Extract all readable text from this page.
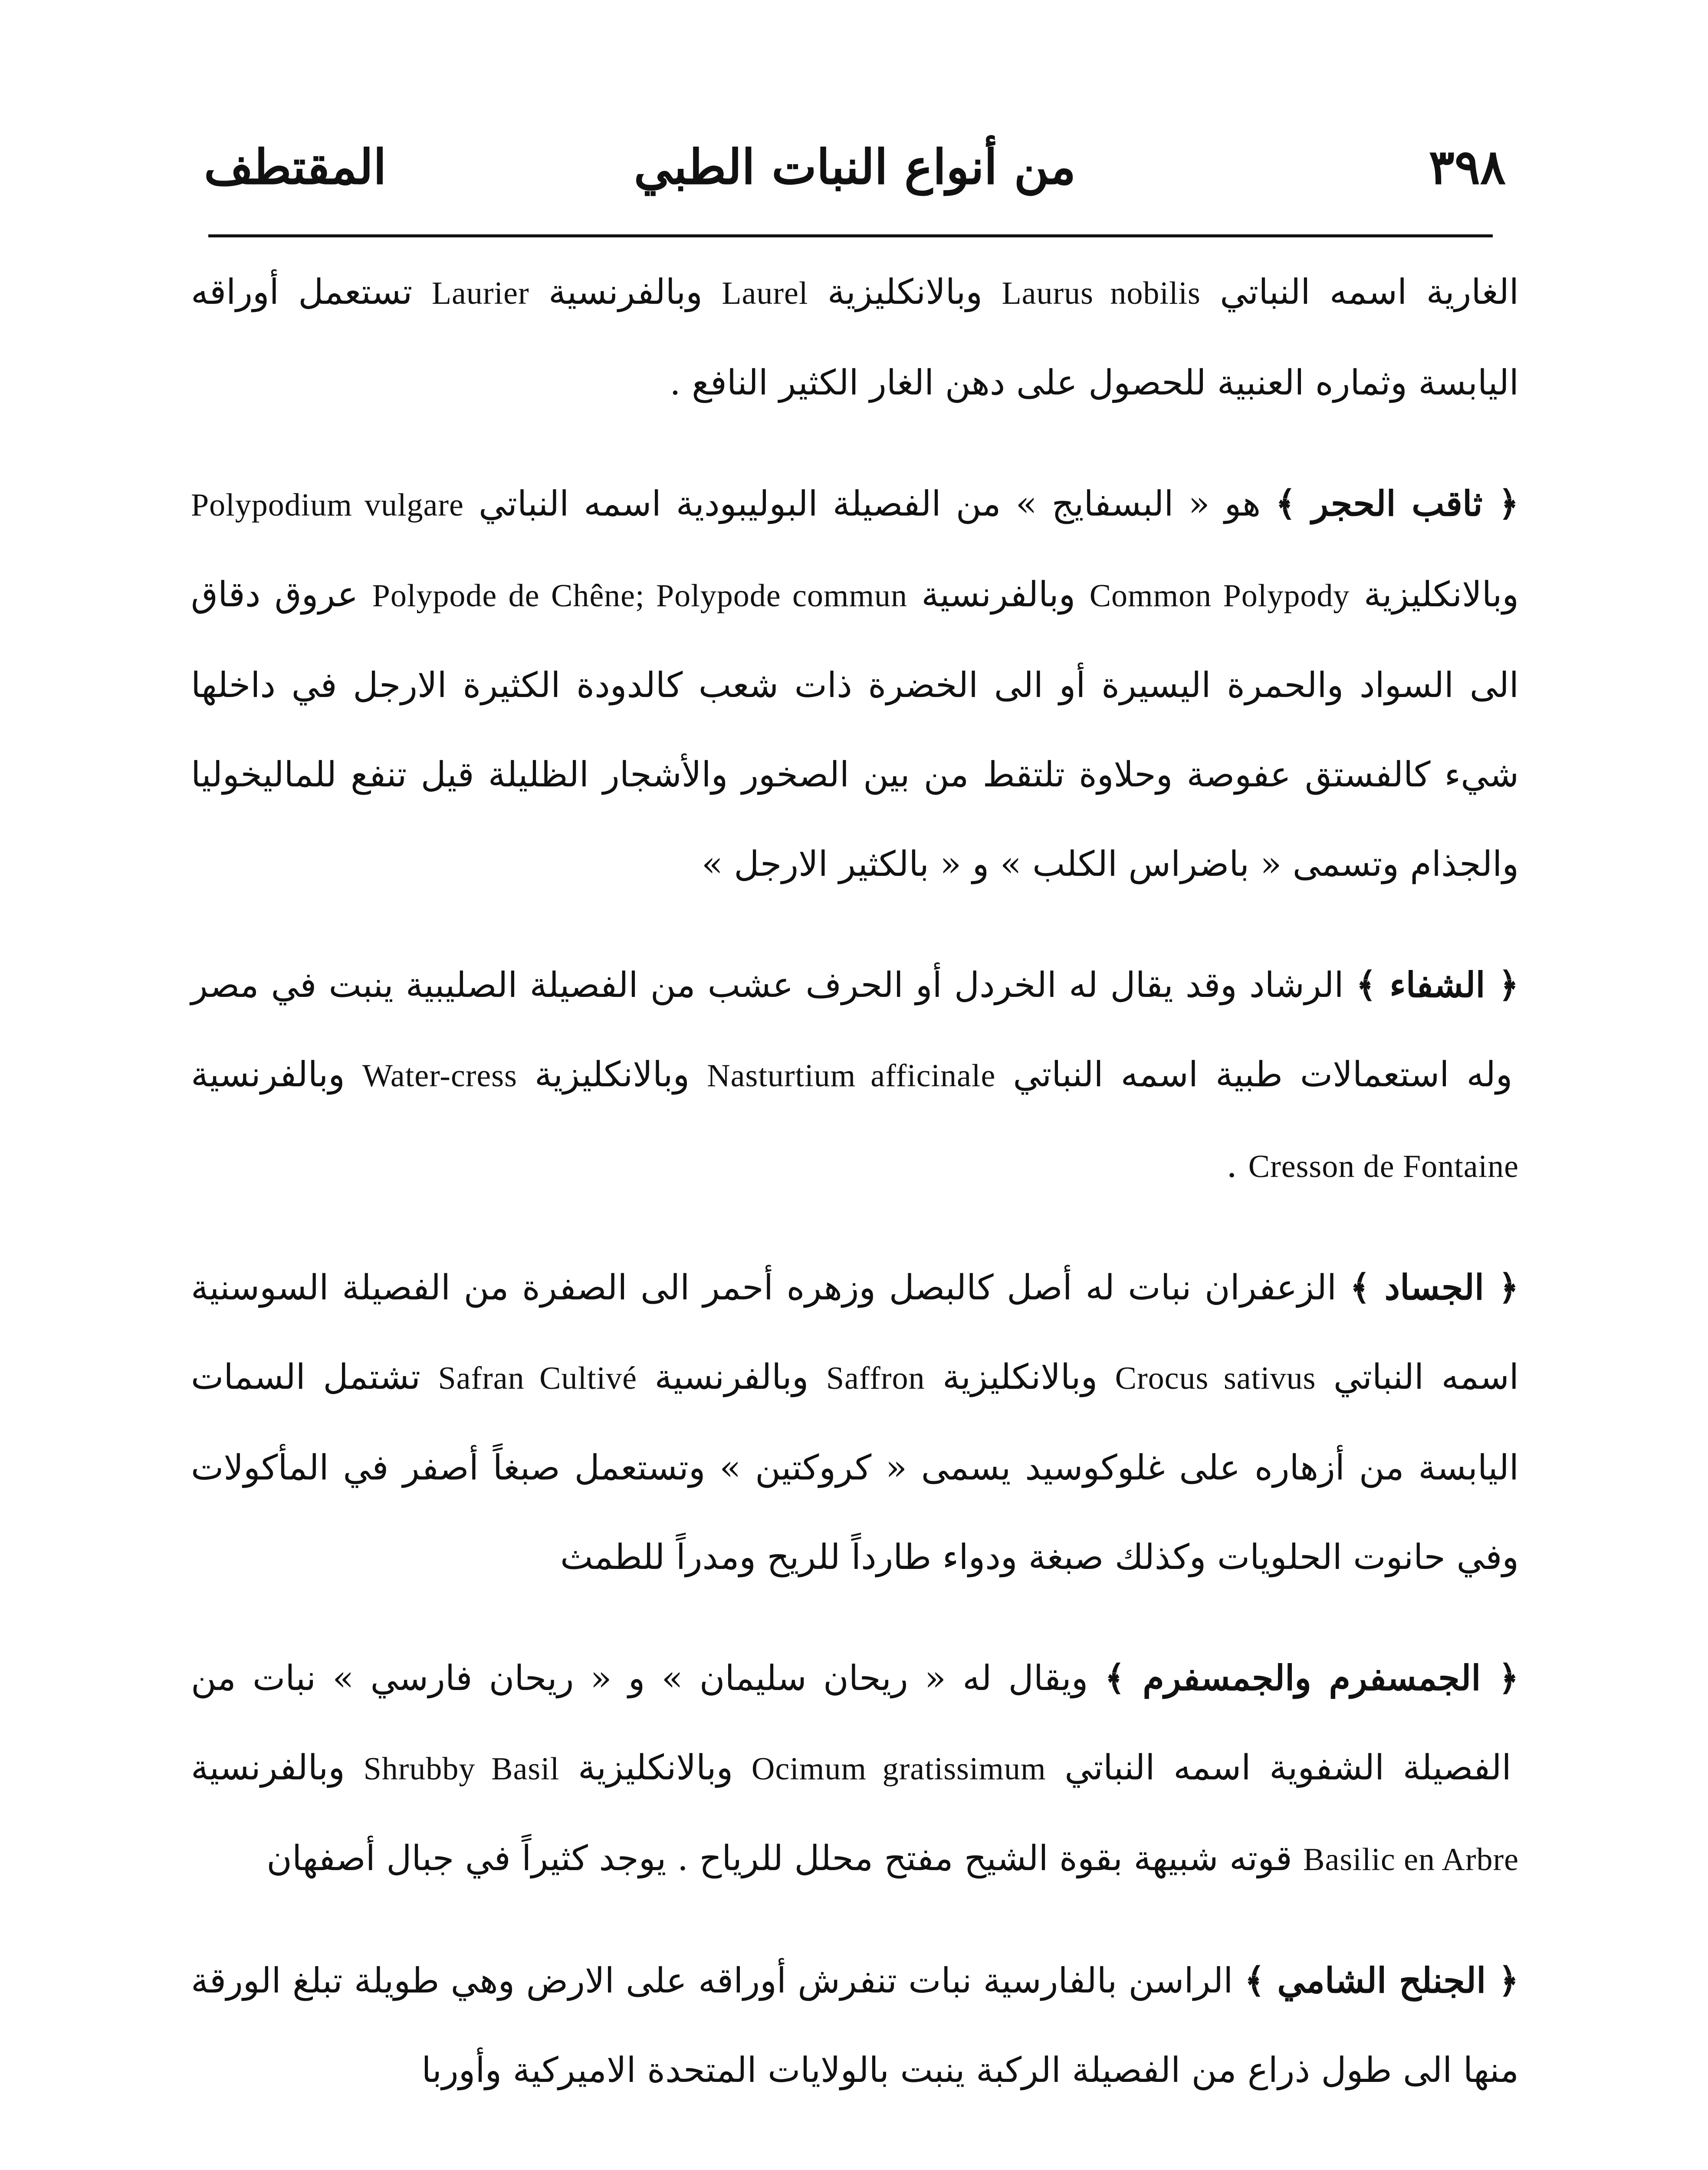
٣٩٨
من أنواع النبات الطبي
المقتطف

الغارية اسمه النباتي Laurus nobilis وبالانكليزية Laurel وبالفرنسية Laurier تستعمل أوراقه اليابسة وثماره العنبية للحصول على دهن الغار الكثير النافع .

﴿ ثاقب الحجر ﴾ هو « البسفايج » من الفصيلة البوليبودية اسمه النباتي Polypodium vulgare وبالانكليزية Common Polypody وبالفرنسية Polypode de Chêne; Polypode commun عروق دقاق الى السواد والحمرة اليسيرة أو الى الخضرة ذات شعب كالدودة الكثيرة الارجل في داخلها شيء كالفستق عفوصة وحلاوة تلتقط من بين الصخور والأشجار الظليلة قيل تنفع للماليخوليا والجذام وتسمى « باضراس الكلب » و « بالكثير الارجل »

﴿ الشفاء ﴾ الرشاد وقد يقال له الخردل أو الحرف عشب من الفصيلة الصليبية ينبت في مصر وله استعمالات طبية اسمه النباتي Nasturtium afficinale وبالانكليزية Water-cress وبالفرنسية Cresson de Fontaine .

﴿ الجساد ﴾ الزعفران نبات له أصل كالبصل وزهره أحمر الى الصفرة من الفصيلة السوسنية اسمه النباتي Crocus sativus وبالانكليزية Saffron وبالفرنسية Safran Cultivé تشتمل السمات اليابسة من أزهاره على غلوكوسيد يسمى « كروكتين » وتستعمل صبغاً أصفر في المأكولات وفي حانوت الحلويات وكذلك صبغة ودواء طارداً للريح ومدراً للطمث

﴿ الجمسفرم والجمسفرم ﴾ ويقال له « ريحان سليمان » و « ريحان فارسي » نبات من الفصيلة الشفوية اسمه النباتي Ocimum gratissimum وبالانكليزية Shrubby Basil وبالفرنسية Basilic en Arbre قوته شبيهة بقوة الشيح مفتح محلل للرياح . يوجد كثيراً في جبال أصفهان

﴿ الجنلح الشامي ﴾ الراسن بالفارسية نبات تنفرش أوراقه على الارض وهي طويلة تبلغ الورقة منها الى طول ذراع من الفصيلة الركبة ينبت بالولايات المتحدة الاميركية وأوربا
